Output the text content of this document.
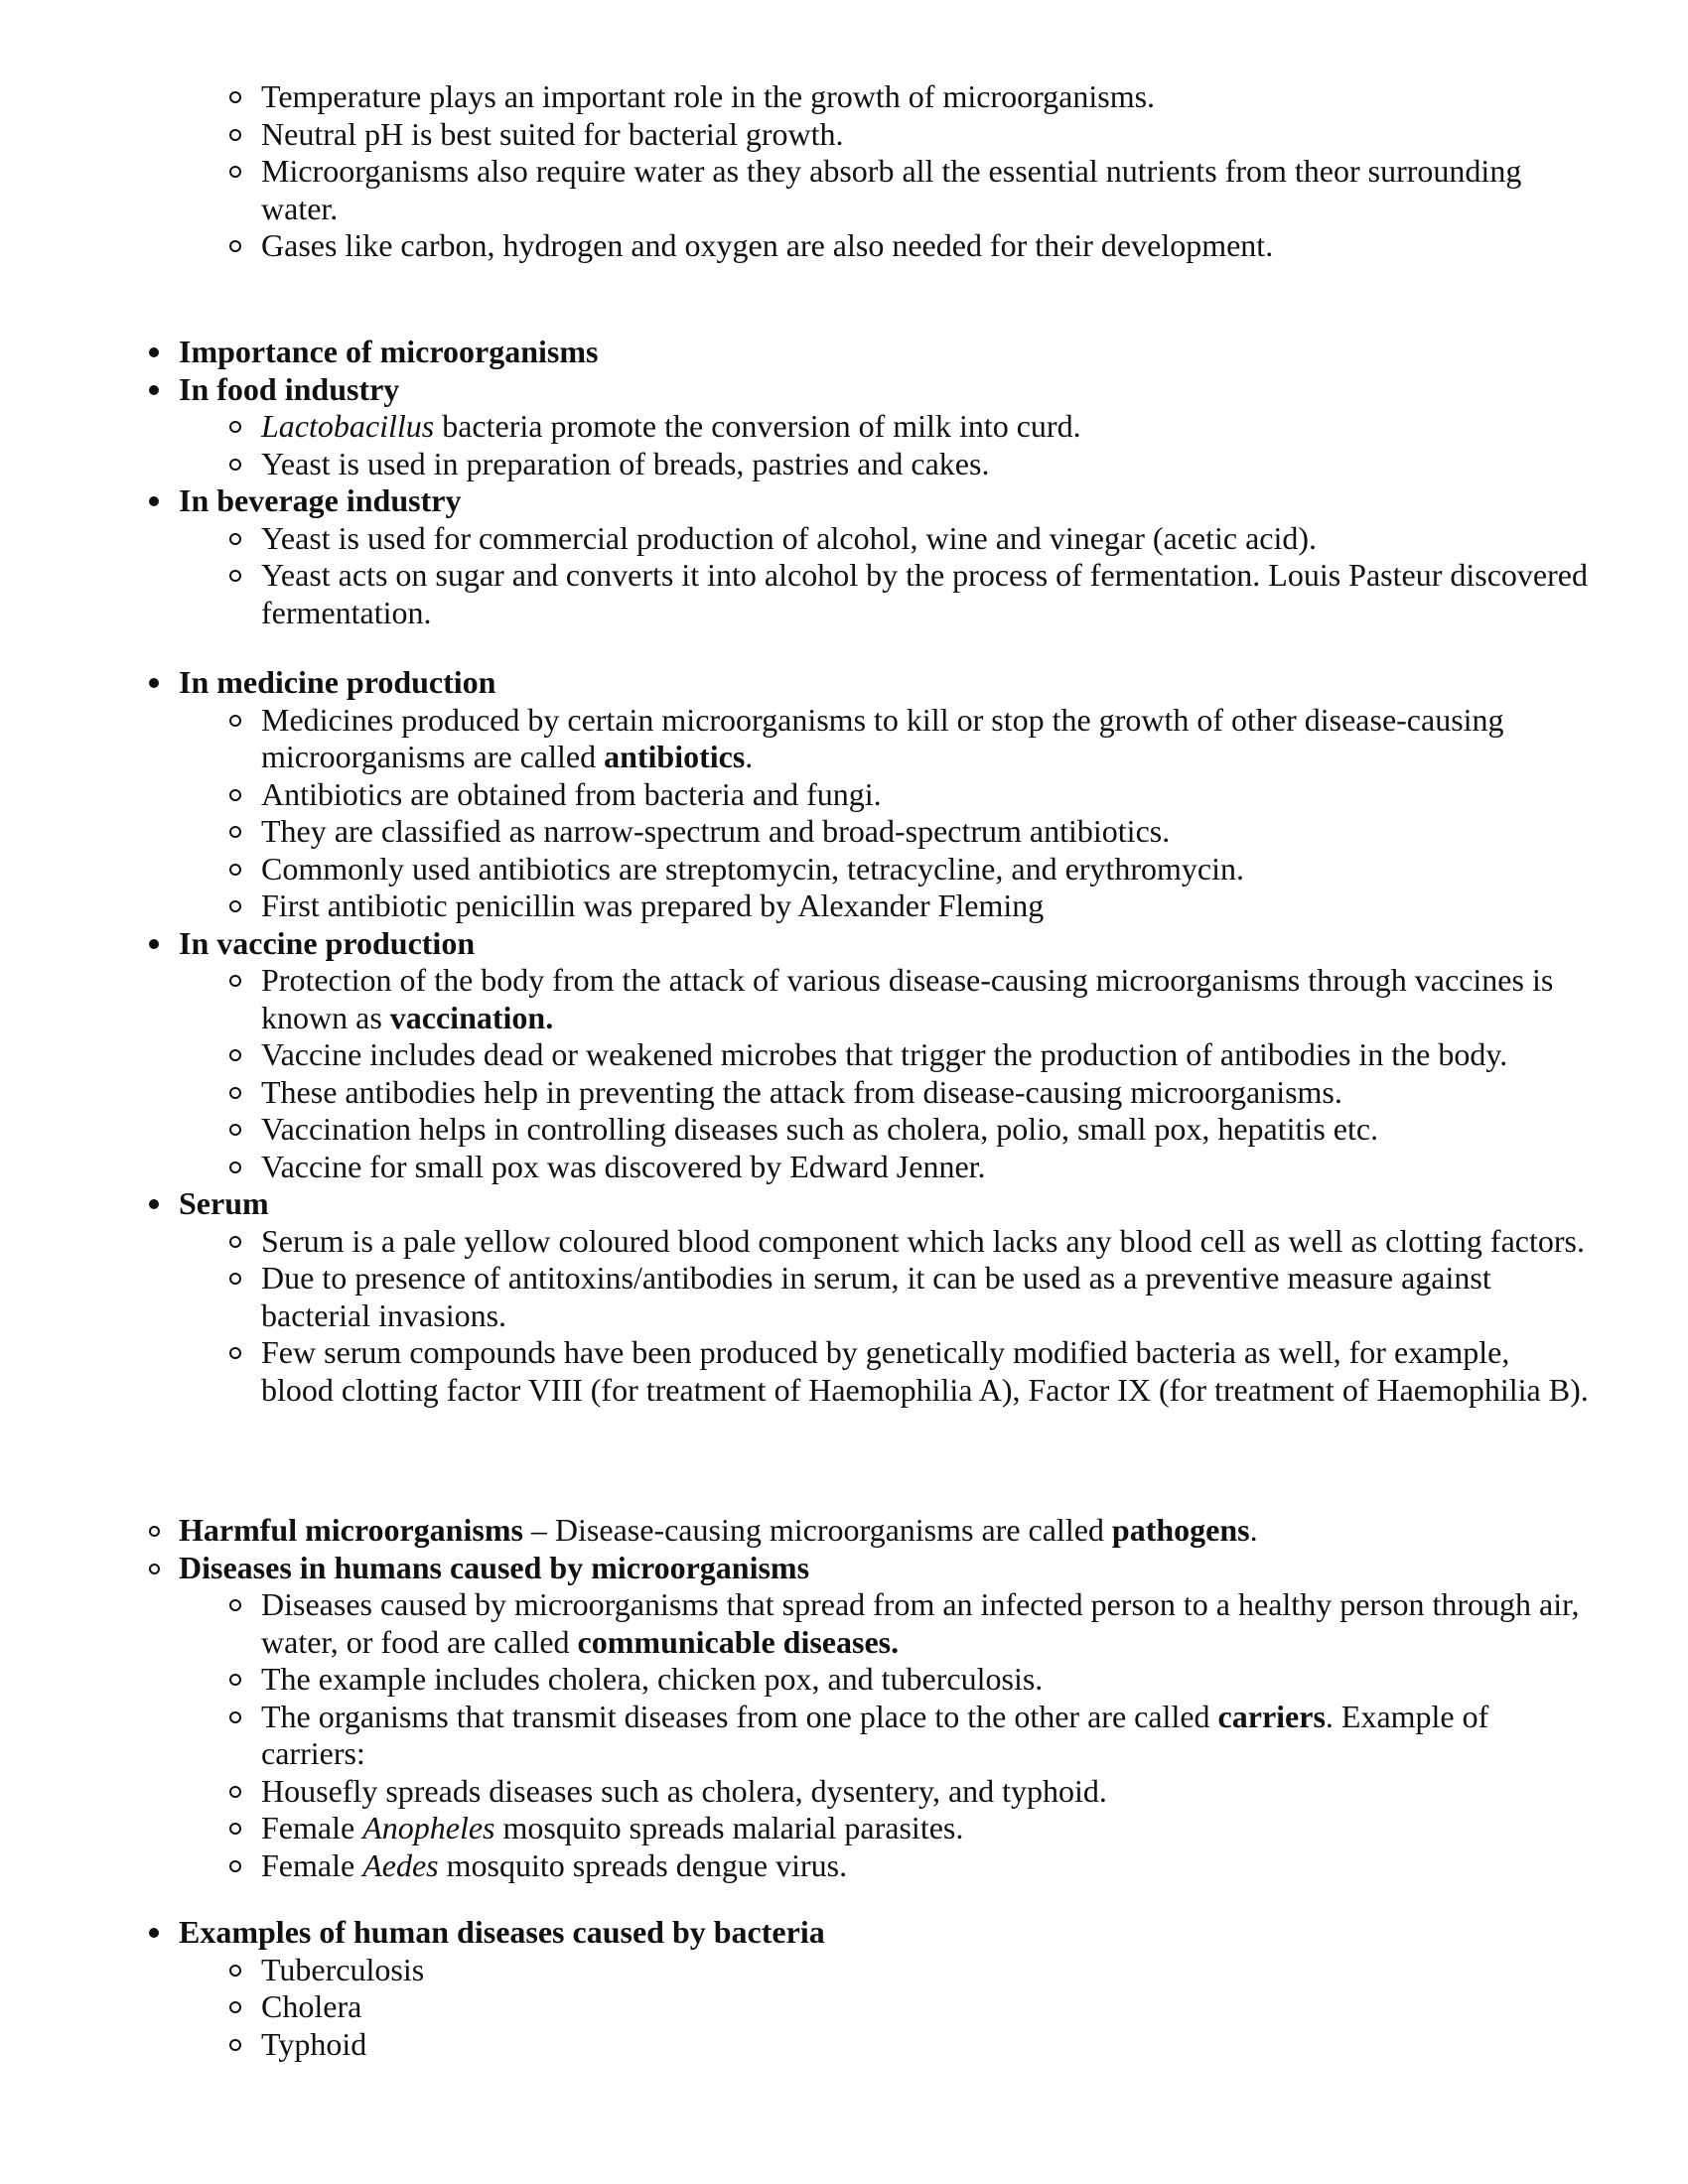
Temperature plays an important role in the growth of microorganisms.
Neutral pH is best suited for bacterial growth.
Microorganisms also require water as they absorb all the essential nutrients from theor surrounding water.
Gases like carbon, hydrogen and oxygen are also needed for their development.
Importance of microorganisms
In food industry
Lactobacillus bacteria promote the conversion of milk into curd.
Yeast is used in preparation of breads, pastries and cakes.
In beverage industry
Yeast is used for commercial production of alcohol, wine and vinegar (acetic acid).
Yeast acts on sugar and converts it into alcohol by the process of fermentation. Louis Pasteur discovered fermentation.
In medicine production
Medicines produced by certain microorganisms to kill or stop the growth of other disease-causing microorganisms are called antibiotics.
Antibiotics are obtained from bacteria and fungi.
They are classified as narrow-spectrum and broad-spectrum antibiotics.
Commonly used antibiotics are streptomycin, tetracycline, and erythromycin.
First antibiotic penicillin was prepared by Alexander Fleming
In vaccine production
Protection of the body from the attack of various disease-causing microorganisms through vaccines is known as vaccination.
Vaccine includes dead or weakened microbes that trigger the production of antibodies in the body.
These antibodies help in preventing the attack from disease-causing microorganisms.
Vaccination helps in controlling diseases such as cholera, polio, small pox, hepatitis etc.
Vaccine for small pox was discovered by Edward Jenner.
Serum
Serum is a pale yellow coloured blood component which lacks any blood cell as well as clotting factors.
Due to presence of antitoxins/antibodies in serum, it can be used as a preventive measure against bacterial invasions.
Few serum compounds have been produced by genetically modified bacteria as well, for example, blood clotting factor VIII (for treatment of Haemophilia A), Factor IX (for treatment of Haemophilia B).
Harmful microorganisms – Disease-causing microorganisms are called pathogens.
Diseases in humans caused by microorganisms
Diseases caused by microorganisms that spread from an infected person to a healthy person through air, water, or food are called communicable diseases.
The example includes cholera, chicken pox, and tuberculosis.
The organisms that transmit diseases from one place to the other are called carriers. Example of carriers:
Housefly spreads diseases such as cholera, dysentery, and typhoid.
Female Anopheles mosquito spreads malarial parasites.
Female Aedes mosquito spreads dengue virus.
Examples of human diseases caused by bacteria
Tuberculosis
Cholera
Typhoid
